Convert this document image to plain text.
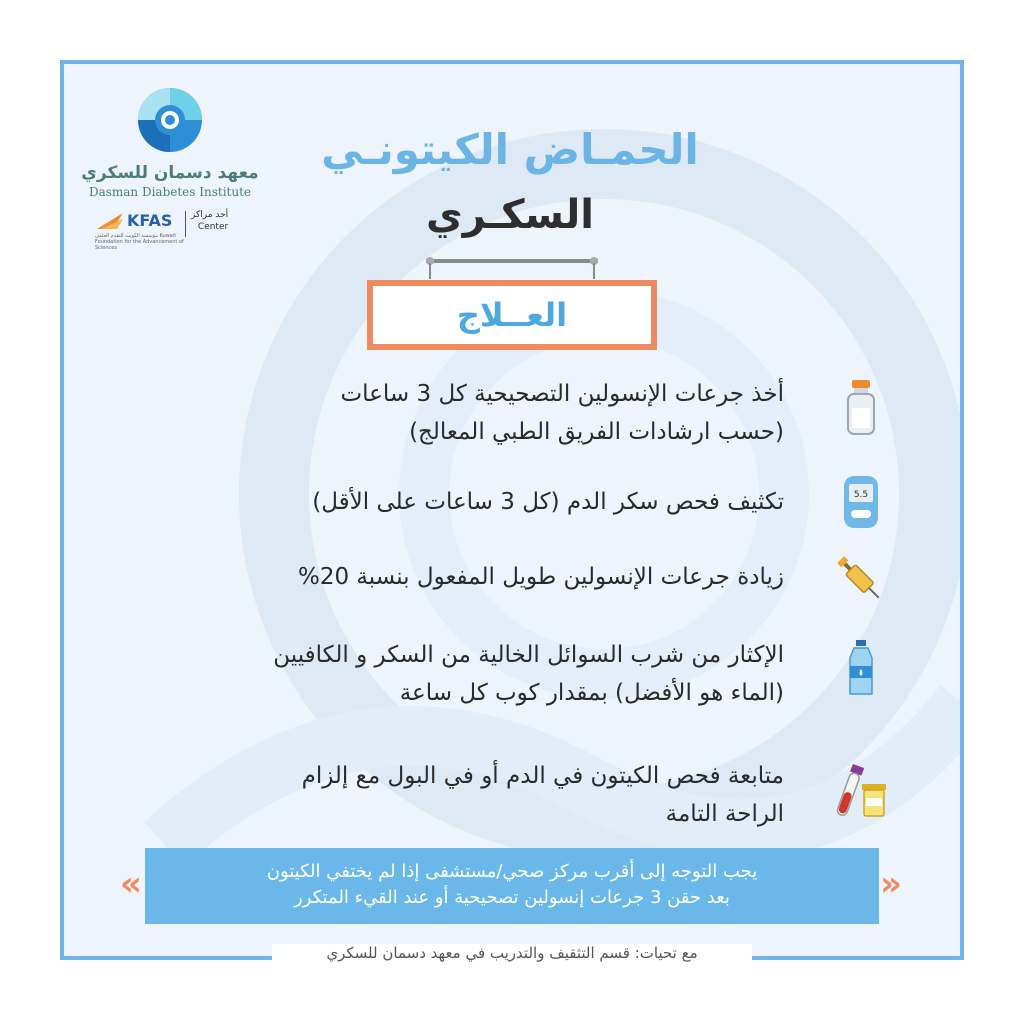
معهد دسمان للسكري
Dasman Diabetes Institute
KFAS أحد مراكز
Center
مؤسسة الكويت للتقدم العلمي Kuwait Foundation for the Advancement of Sciences
الحمـاض الكيتونـي
السكـري
العــلاج
أخذ جرعات الإنسولين التصحيحية كل 3 ساعات
(حسب ارشادات الفريق الطبي المعالج)
تكثيف فحص سكر الدم (كل 3 ساعات على الأقل)	5.5
زيادة جرعات الإنسولين طويل المفعول بنسبة 20%
الإكثار من شرب السوائل الخالية من السكر و الكافيين
(الماء هو الأفضل) بمقدار كوب كل ساعة
متابعة فحص الكيتون في الدم أو في البول مع إلزام
الراحة التامة
«	يجب التوجه إلى أقرب مركز صحي/مستشفى إذا لم يختفي الكيتون
بعد حقن 3 جرعات إنسولين تصحيحية أو عند القيء المتكرر	»
مع تحيات: قسم التثقيف والتدريب في معهد دسمان للسكري
